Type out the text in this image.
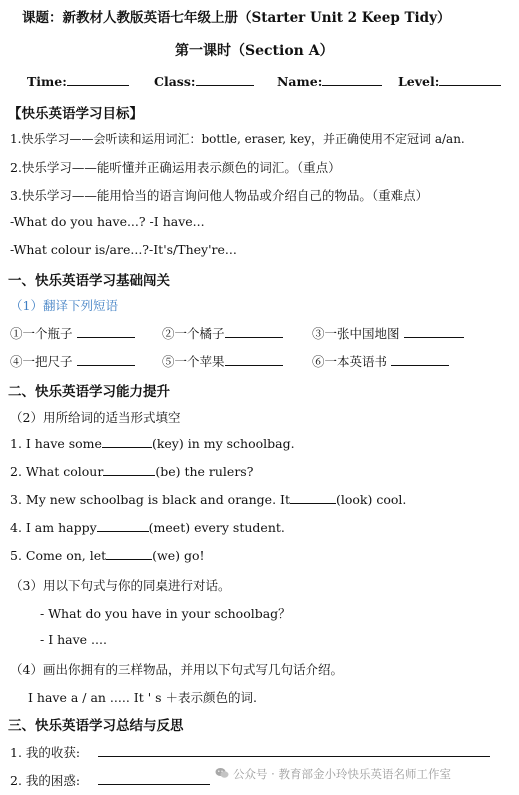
课题：新教材人教版英语七年级上册（Starter Unit 2 Keep Tidy）
第一课时（Section A）
Time:	Class:	Name:	Level:
【快乐英语学习目标】
1.快乐学习——会听读和运用词汇：bottle, eraser, key，并正确使用不定冠词 a/an.
2.快乐学习——能听懂并正确运用表示颜色的词汇。（重点）
3.快乐学习——能用恰当的语言询问他人物品或介绍自己的物品。（重难点）
-What do you have...? -I have...
-What colour is/are...?-It's/They're...
一、快乐英语学习基础闯关
（1）翻译下列短语
①一个瓶子	②一个橘子	③一张中国地图
④一把尺子	⑤一个苹果	⑥一本英语书
二、快乐英语学习能力提升
（2）用所给词的适当形式填空
1. I have some	(key) in my schoolbag.
2. What colour	(be) the rulers?
3. My new schoolbag is black and orange. It	(look) cool.
4. I am happy	(meet) every student.
5. Come on, let	(we) go!
（3）用以下句式与你的同桌进行对话。
- What do you have in your schoolbag？
- I have ....
（4）画出你拥有的三样物品，并用以下句式写几句话介绍。
I have a / an ..... It ' s ＋表示颜色的词.
三、快乐英语学习总结与反思
1. 我的收获:
2. 我的困惑:	公众号 · 教育部金小玲快乐英语名师工作室
